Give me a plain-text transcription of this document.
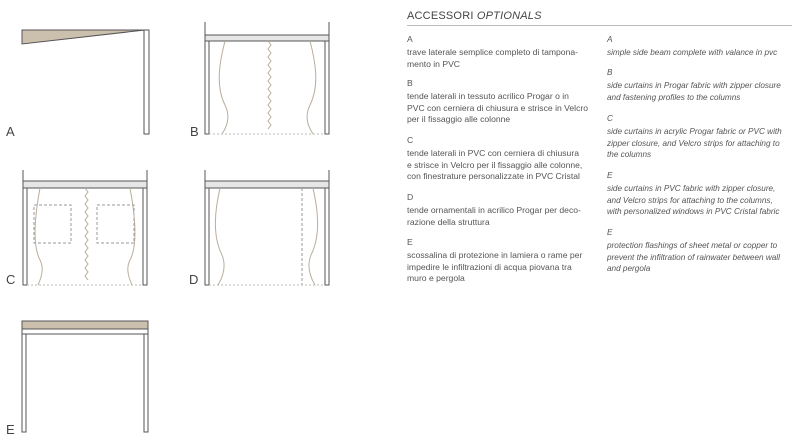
A	B
C	D
E
ACCESSORI OPTIONALS
A
trave laterale semplice completo di tampona-
mento in PVC
B
tende laterali in tessuto acrilico Progar o in
PVC con cerniera di chiusura e strisce in Velcro
per il fissaggio alle colonne
C
tende laterali in PVC con cerniera di chiusura
e strisce in Velcro per il fissaggio alle colonne,
con finestrature personalizzate in PVC Cristal
D
tende ornamentali in acrilico Progar per deco-
razione della struttura
E
scossalina di protezione in lamiera o rame per
impedire le infiltrazioni di acqua piovana tra
muro e pergola
A
simple side beam complete with valance in pvc
B
side curtains in Progar fabric with zipper closure
and fastening profiles to the columns
C
side curtains in acrylic Progar fabric or PVC with
zipper closure, and Velcro strips for attaching to
the columns
E
side curtains in PVC fabric with zipper closure,
and Velcro strips for attaching to the columns,
with personalized windows in PVC Cristal fabric
E
protection flashings of sheet metal or copper to
prevent the infiltration of rainwater between wall
and pergola
